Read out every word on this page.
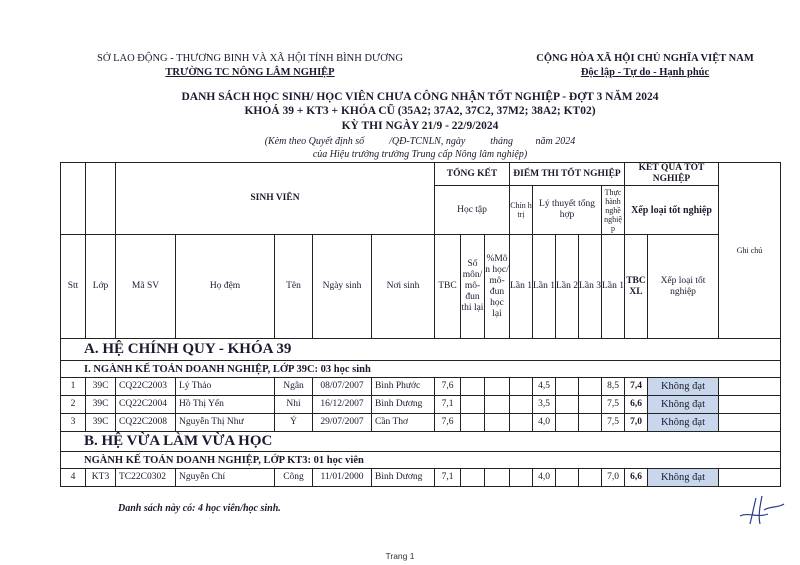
SỞ LAO ĐỘNG - THƯƠNG BINH VÀ XÃ HỘI TỈNH BÌNH DƯƠNG
TRƯỜNG TC NÔNG LÂM NGHIỆP
CỘNG HÒA XÃ HỘI CHỦ NGHĨA VIỆT NAM
Độc lập - Tự do - Hạnh phúc
DANH SÁCH HỌC SINH/ HỌC VIÊN CHƯA CÔNG NHẬN TỐT NGHIỆP - ĐỢT 3 NĂM 2024
KHOÁ 39 + KT3 + KHÓA CŨ (35A2; 37A2, 37C2, 37M2; 38A2; KT02)
KỲ THI NGÀY 21/9 - 22/9/2024
(Kèm theo Quyết định số          /QĐ-TCNLN, ngày          tháng         năm 2024
của Hiệu trưởng trường Trung cấp Nông lâm nghiệp)
		SINH VIÊN					TỔNG KẾT			ĐIỂM THI TỐT NGHIỆP					KẾT QUẢ TỐT NGHIỆP		Ghi chú
							Học tập			Chín h trị	Lý thuyết tổng hợp			Thực hành nghề nghiệ p	Xếp loại tốt nghiệp		

Stt	Lớp	Mã SV	Họ đệm	Tên	Ngày sinh	Nơi sinh	TBC	Số môn/ mô-đun thi lại	%Mô n học/ mô-đun học lại	Lần 1	Lần 1	Lần 2	Lần 3	Lần 1	TBC XL	Xếp loại tốt nghiệp	
A. HỆ CHÍNH QUY - KHÓA 39																	
I. NGÀNH KẾ TOÁN DOANH NGHIỆP, LỚP 39C: 03 học sinh																	
1	39C	CQ22C2003	Lý Thảo	Ngân	08/07/2007	Bình Phước	7,6				4,5			8,5	7,4	Không đạt	
2	39C	CQ22C2004	Hồ Thị Yến	Nhi	16/12/2007	Bình Dương	7,1				3,5			7,5	6,6	Không đạt	
3	39C	CQ22C2008	Nguyễn Thị Như	Ý	29/07/2007	Cần Thơ	7,6				4,0			7,5	7,0	Không đạt	
B. HỆ VỪA LÀM VỪA HỌC																	
NGÀNH KẾ TOÁN DOANH NGHIỆP, LỚP KT3: 01 học viên																	
4	KT3	TC22C0302	Nguyễn Chí	Công	11/01/2000	Bình Dương	7,1				4,0			7,0	6,6	Không đạt	
Danh sách này có: 4 học viên/học sinh.
Trang 1
